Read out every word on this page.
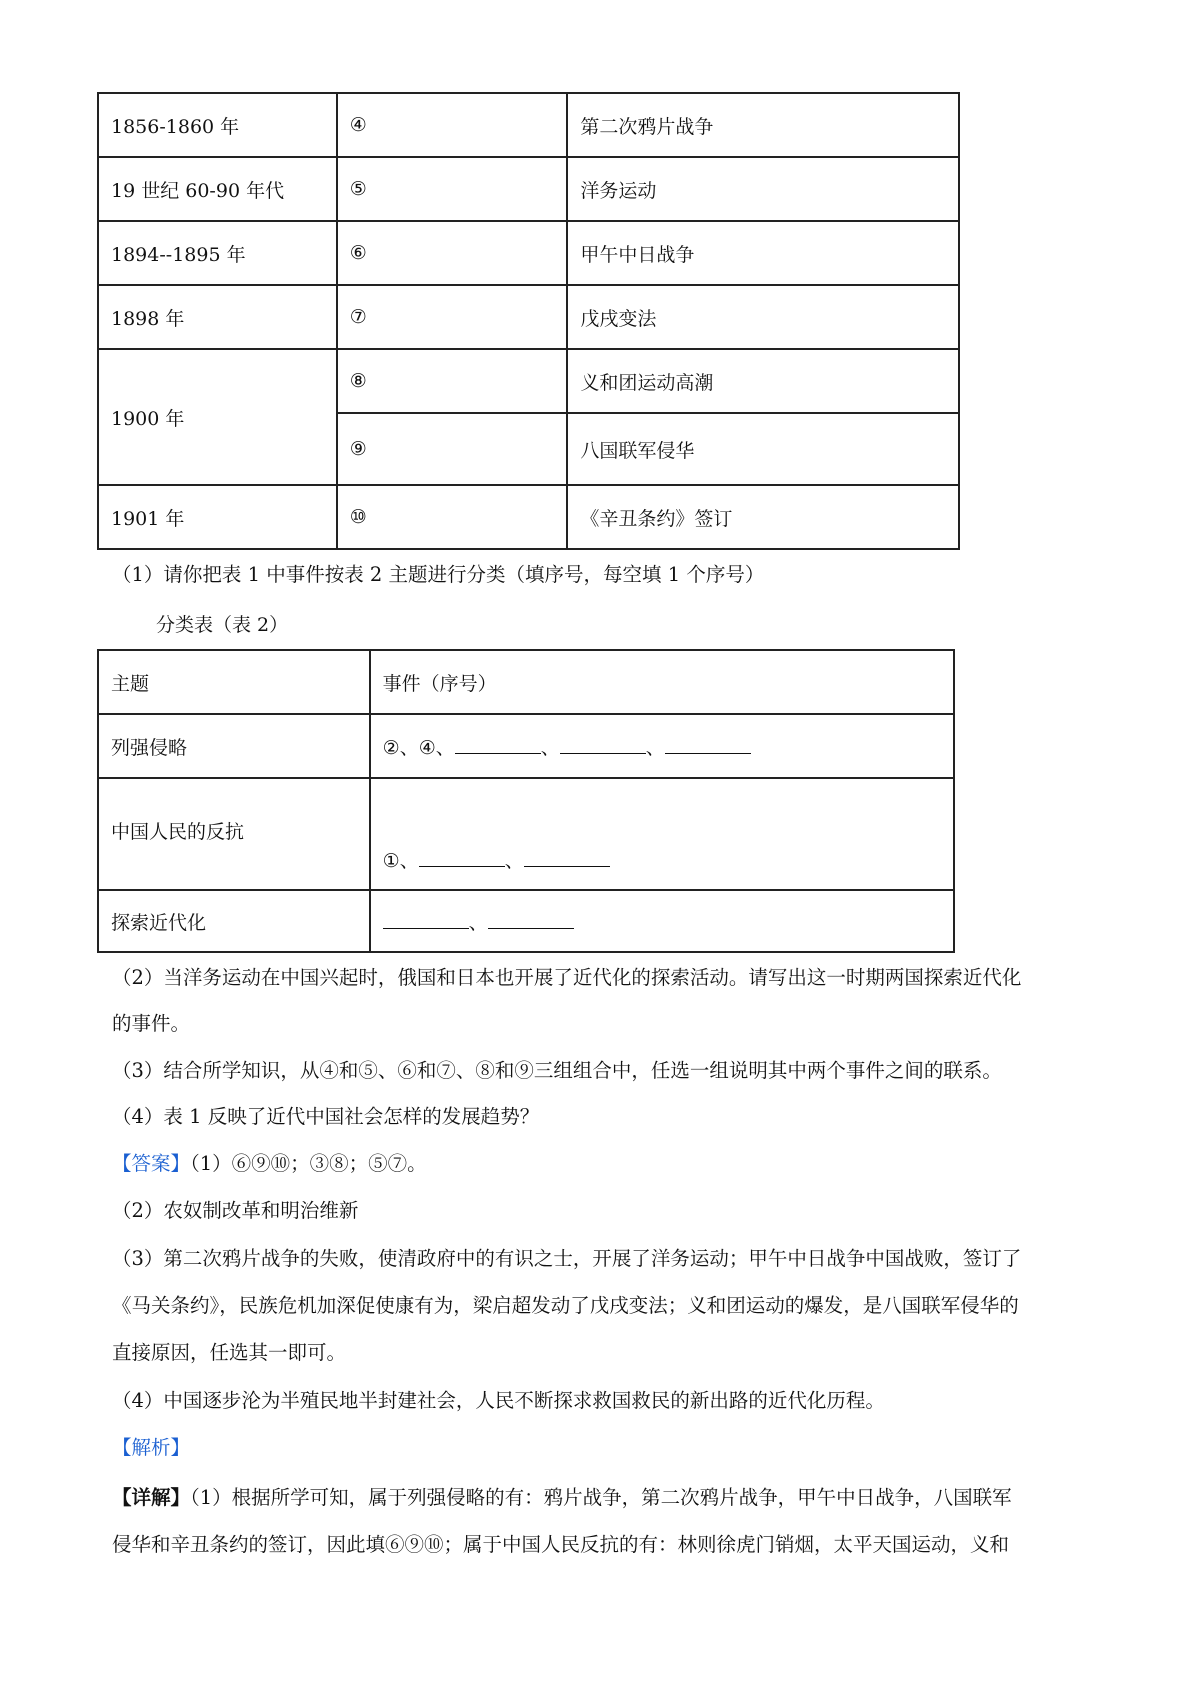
1856-1860 年	④	第二次鸦片战争
19 世纪 60-90 年代	⑤	洋务运动
1894--1895 年	⑥	甲午中日战争
1898 年	⑦	戊戌变法
1900 年	⑧	义和团运动高潮
	⑨	八国联军侵华
1901 年	⑩	《辛丑条约》签订
（1）请你把表 1 中事件按表 2 主题进行分类（填序号，每空填 1 个序号）
分类表（表 2）
主题	事件（序号）
列强侵略	②、④、 、 、
中国人民的反抗	①、 、
探索近代化	、
（2）当洋务运动在中国兴起时，俄国和日本也开展了近代化的探索活动。请写出这一时期两国探索近代化
的事件。
（3）结合所学知识，从④和⑤、⑥和⑦、⑧和⑨三组组合中，任选一组说明其中两个事件之间的联系。
（4）表 1 反映了近代中国社会怎样的发展趋势？
【答案】（1）⑥⑨⑩；③⑧；⑤⑦。
（2）农奴制改革和明治维新
（3）第二次鸦片战争的失败，使清政府中的有识之士，开展了洋务运动；甲午中日战争中国战败，签订了
《马关条约》，民族危机加深促使康有为，梁启超发动了戊戌变法；义和团运动的爆发，是八国联军侵华的
直接原因，任选其一即可。
（4）中国逐步沦为半殖民地半封建社会，人民不断探求救国救民的新出路的近代化历程。
【解析】
【详解】（1）根据所学可知，属于列强侵略的有：鸦片战争，第二次鸦片战争，甲午中日战争，八国联军
侵华和辛丑条约的签订，因此填⑥⑨⑩；属于中国人民反抗的有：林则徐虎门销烟，太平天国运动，义和
